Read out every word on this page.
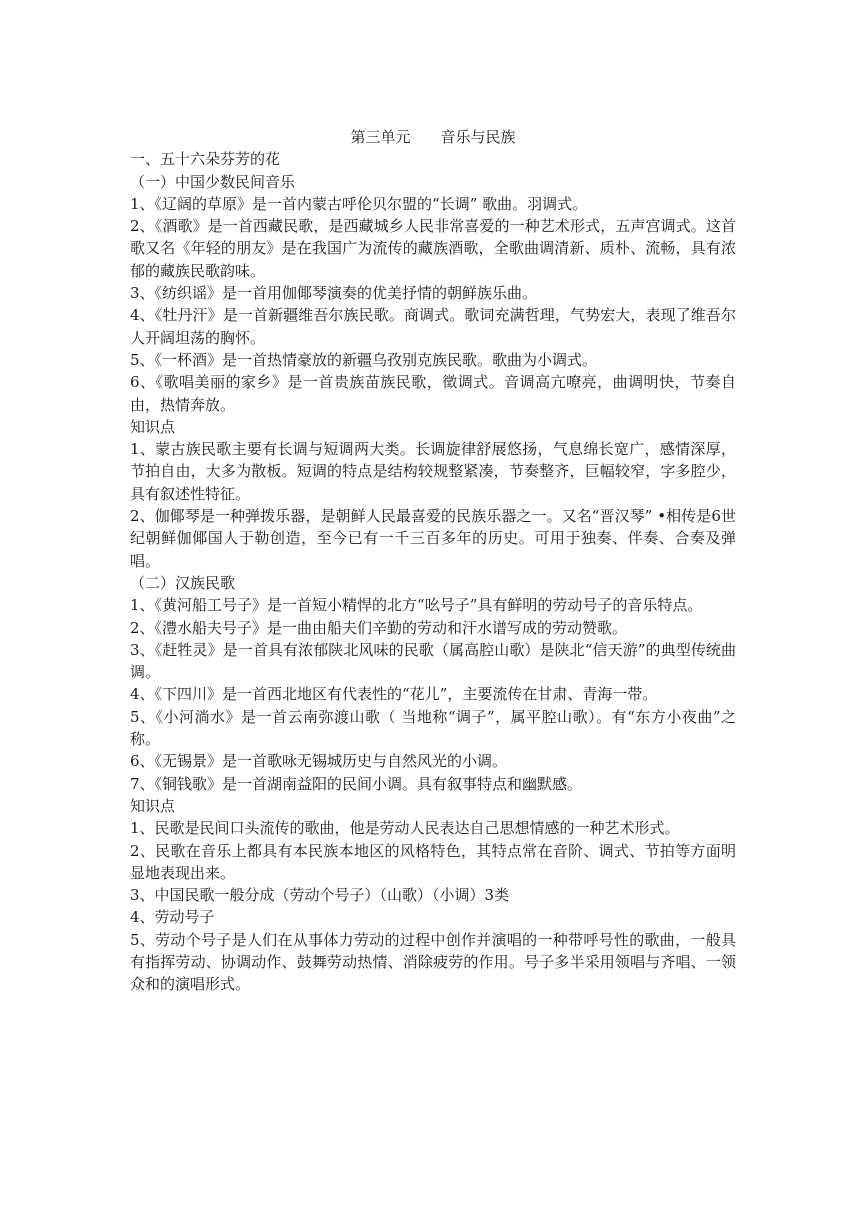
第三单元　　音乐与民族

一、五十六朵芬芳的花

（一）中国少数民间音乐

1、《辽阔的草原》是一首内蒙古呼伦贝尔盟的“长调” 歌曲。羽调式。

2、《酒歌》是一首西藏民歌，是西藏城乡人民非常喜爱的一种艺术形式，五声宫调式。这首歌又名《年轻的朋友》是在我国广为流传的藏族酒歌，全歌曲调清新、质朴、流畅，具有浓郁的藏族民歌韵味。

3、《纺织谣》是一首用伽倻琴演奏的优美抒情的朝鲜族乐曲。

4、《牡丹汗》是一首新疆维吾尔族民歌。商调式。歌词充满哲理，气势宏大，表现了维吾尔人开阔坦荡的胸怀。

5、《一杯酒》是一首热情豪放的新疆乌孜别克族民歌。歌曲为小调式。

6、《歌唱美丽的家乡》是一首贵族苗族民歌，徵调式。音调高亢嘹亮，曲调明快，节奏自由，热情奔放。

知识点

1、蒙古族民歌主要有长调与短调两大类。长调旋律舒展悠扬，气息绵长宽广，感情深厚，节拍自由，大多为散板。短调的特点是结构较规整紧凑，节奏整齐，巨幅较窄，字多腔少，具有叙述性特征。

2、伽倻琴是一种弹拨乐器，是朝鲜人民最喜爱的民族乐器之一。又名“晋汉琴” •相传是6世纪朝鲜伽倻国人于勒创造，至今已有一千三百多年的历史。可用于独奏、伴奏、合奏及弹唱。

（二）汉族民歌

1、《黄河船工号子》是一首短小精悍的北方“吆号子”具有鲜明的劳动号子的音乐特点。

2、《澧水船夫号子》是一曲由船夫们辛勤的劳动和汗水谱写成的劳动赞歌。

3、《赶牲灵》是一首具有浓郁陕北风味的民歌（属高腔山歌）是陕北“信天游”的典型传统曲调。

4、《下四川》是一首西北地区有代表性的“花儿”，主要流传在甘肃、青海一带。

5、《小河淌水》是一首云南弥渡山歌（ 当地称“调子”，属平腔山歌）。有“东方小夜曲”之称。

6、《无锡景》是一首歌咏无锡城历史与自然风光的小调。

7、《铜钱歌》是一首湖南益阳的民间小调。具有叙事特点和幽默感。

知识点

1、民歌是民间口头流传的歌曲，他是劳动人民表达自己思想情感的一种艺术形式。

2、民歌在音乐上都具有本民族本地区的风格特色，其特点常在音阶、调式、节拍等方面明显地表现出来。

3、中国民歌一般分成（劳动个号子）（山歌）（小调）3类

4、劳动号子

5、劳动个号子是人们在从事体力劳动的过程中创作并演唱的一种带呼号性的歌曲，一般具有指挥劳动、协调动作、鼓舞劳动热情、消除疲劳的作用。号子多半采用领唱与齐唱、一领众和的演唱形式。
